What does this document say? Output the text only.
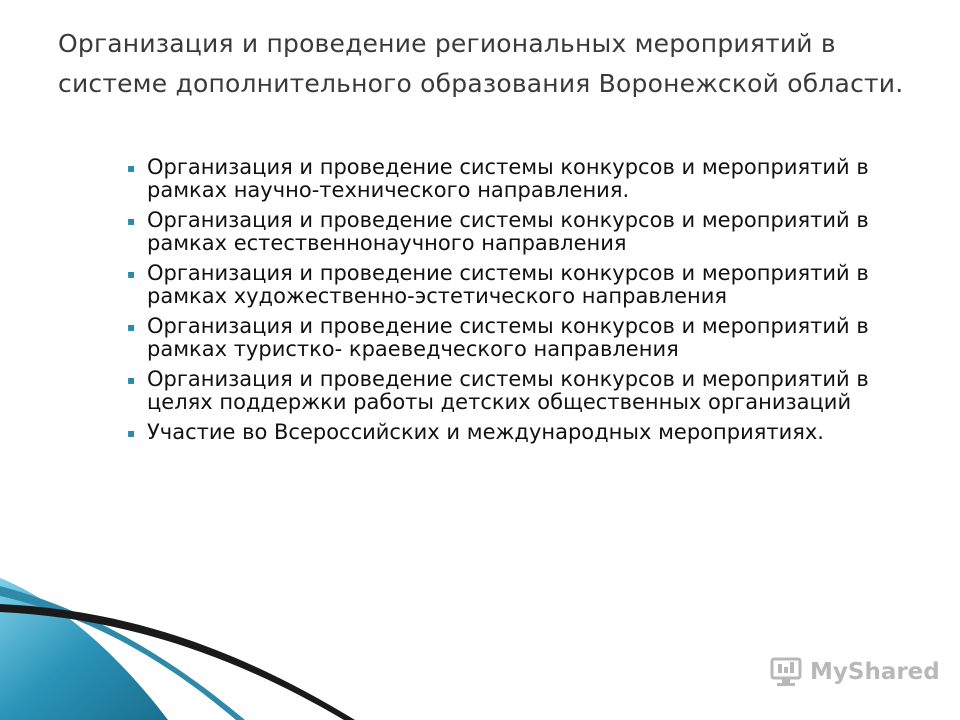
Организация и проведение региональных мероприятий в системе дополнительного образования Воронежской области.
▪ Организация и проведение системы конкурсов и мероприятий в рамках научно-технического направления.
▪ Организация и проведение системы конкурсов и мероприятий в рамках естественнонаучного направления
▪ Организация и проведение системы конкурсов и мероприятий в рамках художественно-эстетического направления
▪ Организация и проведение системы конкурсов и мероприятий в рамках туристко- краеведческого направления
▪ Организация и проведение системы конкурсов и мероприятий в целях поддержки работы детских общественных организаций
▪ Участие во Всероссийских и международных мероприятиях.
MyShared
